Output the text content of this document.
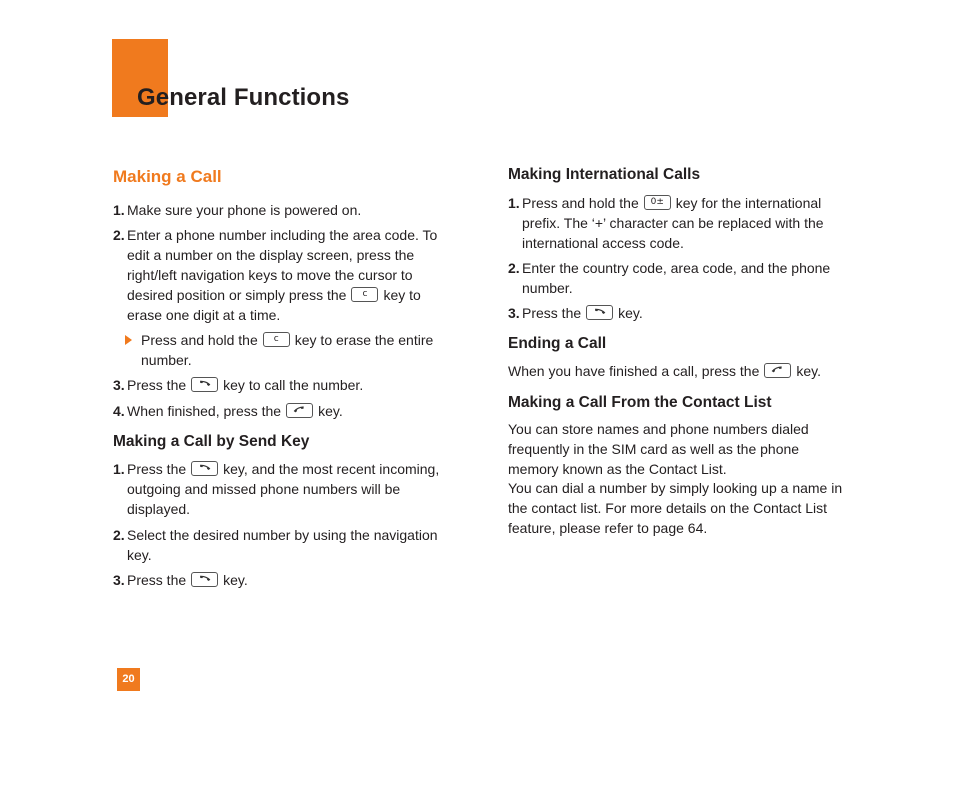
General Functions
Making a Call
1. Make sure your phone is powered on.
2. Enter a phone number including the area code. To edit a number on the display screen, press the right/left navigation keys to move the cursor to desired position or simply press the	c	key to erase one digit at a time.
Press and hold the	c	key to erase the entire number.
3. Press the	key to call the number.
4. When finished, press the	key.
Making a Call by Send Key
1. Press the	key, and the most recent incoming, outgoing and missed phone numbers will be displayed.
2. Select the desired number by using the navigation key.
3. Press the	key.
Making International Calls
1. Press and hold the	0± key for the international prefix. The ‘+’ character can be replaced with the international access code.
2. Enter the country code, area code, and the phone number.
3. Press the	key.
Ending a Call
When you have finished a call, press the	key.
Making a Call From the Contact List
You can store names and phone numbers dialed frequently in the SIM card as well as the phone memory known as the Contact List.
You can dial a number by simply looking up a name in the contact list. For more details on the Contact List feature, please refer to page 64.
20
